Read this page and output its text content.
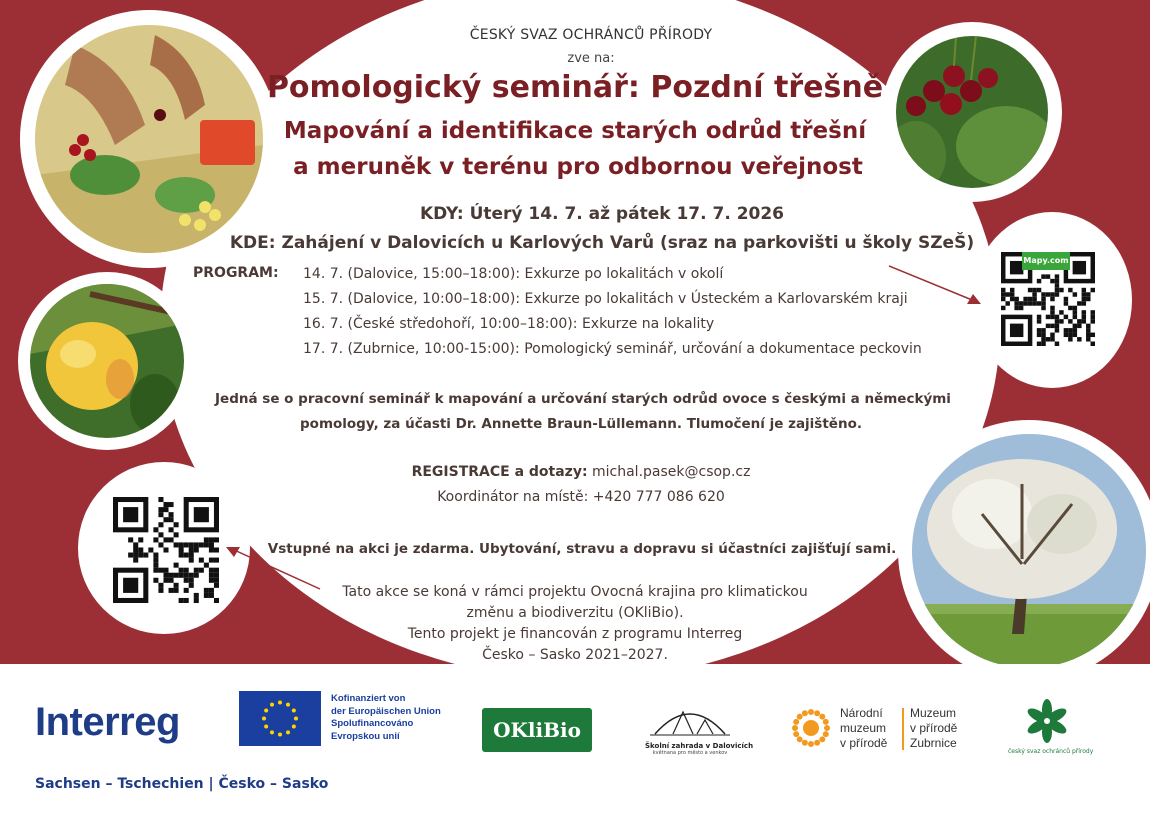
Mapy.com
ČESKÝ SVAZ OCHRÁNCŮ PŘÍRODY
zve na:
Pomologický seminář: Pozdní třešně
Mapování a identifikace starých odrůd třešní
a meruněk v terénu pro odbornou veřejnost
KDY: Úterý 14. 7. až pátek 17. 7. 2026
KDE: Zahájení v Dalovicích u Karlových Varů (sraz na parkovišti u školy SZeŠ)
PROGRAM: 14. 7. (Dalovice, 15:00–18:00): Exkurze po lokalitách v okolí
15. 7. (Dalovice, 10:00–18:00): Exkurze po lokalitách v Ústeckém a Karlovarském kraji
16. 7. (České středohoří, 10:00–18:00): Exkurze na lokality
17. 7. (Zubrnice, 10:00-15:00): Pomologický seminář, určování a dokumentace peckovin
Jedná se o pracovní seminář k mapování a určování starých odrůd ovoce s českými a německými
pomology, za účasti Dr. Annette Braun-Lüllemann. Tlumočení je zajištěno.
REGISTRACE a dotazy: michal.pasek@csop.cz
Koordinátor na místě: +420 777 086 620
Vstupné na akci je zdarma. Ubytování, stravu a dopravu si účastníci zajišťují sami.
Tato akce se koná v rámci projektu Ovocná krajina pro klimatickou
změnu a biodiverzitu (OKliBio).
Tento projekt je financován z programu Interreg
Česko – Sasko 2021–2027.
Interreg
Kofinanziert von
der Europäischen Union
Spolufinancováno
Evropskou unií	OKliBio
Školní zahrada v Dalovicích
květnana pro město a venkov
Národní
muzeum
v přírodě
Muzeum
v přírodě
Zubrnice
český svaz ochránců přírody
Sachsen – Tschechien | Česko – Sasko
